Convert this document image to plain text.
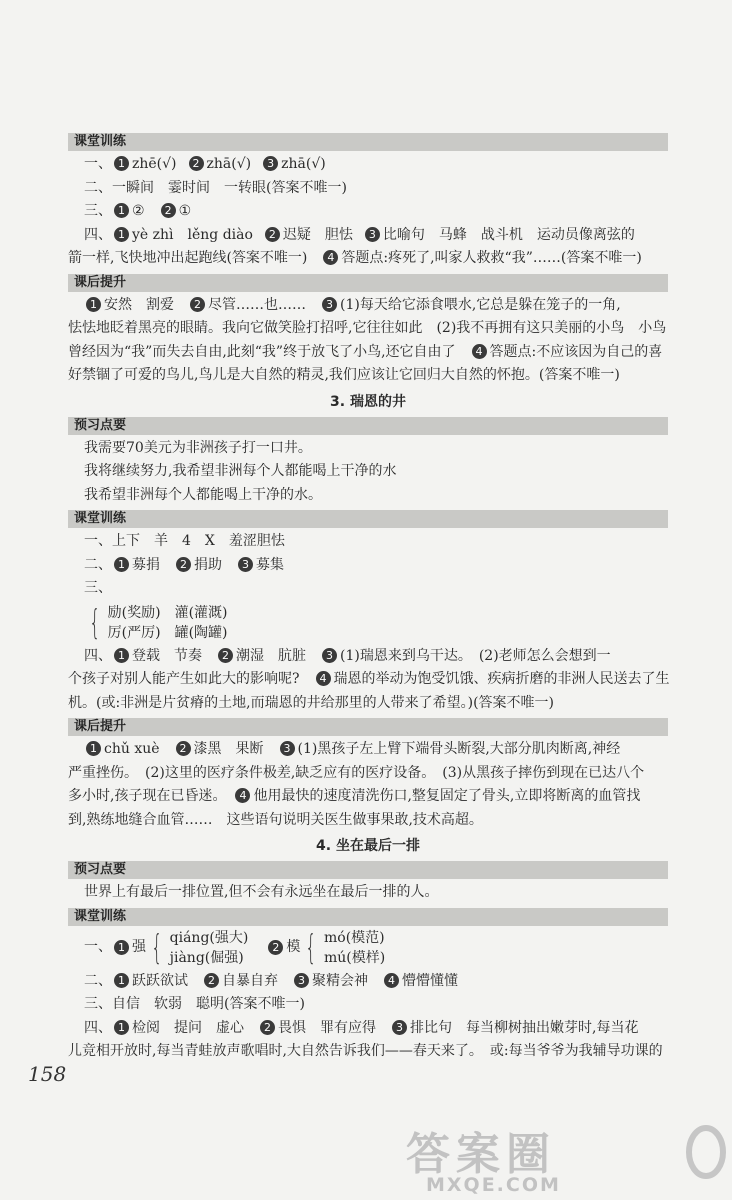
课堂训练
一、 1 zhē(√) 2 zhā(√) 3 zhā(√)
二、一瞬间　霎时间　一转眼(答案不唯一)
三、 1 ②　2 ①
四、 1 yè zhì　lěng diào 2 迟疑　胆怯 3 比喻句　马蜂　战斗机　运动员像离弦的
箭一样,飞快地冲出起跑线(答案不唯一)　4 答题点:疼死了,叫家人救救“我”……(答案不唯一)
课后提升
1 安然　割爱　2 尽管……也……　3 (1)每天给它添食喂水,它总是躲在笼子的一角,
怯怯地眨着黑亮的眼睛。我向它做笑脸打招呼,它往往如此　(2)我不再拥有这只美丽的小鸟　小鸟
曾经因为“我”而失去自由,此刻“我”终于放飞了小鸟,还它自由了　4 答题点:不应该因为自己的喜
好禁锢了可爱的鸟儿,鸟儿是大自然的精灵,我们应该让它回归大自然的怀抱。(答案不唯一)
3. 瑞恩的井
预习点要
我需要70美元为非洲孩子打一口井。
我将继续努力,我希望非洲每个人都能喝上干净的水
我希望非洲每个人都能喝上干净的水。
课堂训练
一、上下　羊　4　X　羞涩胆怯
二、 1 募捐　2 捐助　3 募集
三、
{ 励(奖励)
厉(严厉)
灌(灌溉)
罐(陶罐)
四、 1 登载　节奏　2 潮湿　肮脏　3 (1)瑞恩来到乌干达。　(2)老师怎么会想到一
个孩子对别人能产生如此大的影响呢?　4 瑞恩的举动为饱受饥饿、疾病折磨的非洲人民送去了生
机。(或:非洲是片贫瘠的土地,而瑞恩的井给那里的人带来了希望。)(答案不唯一)
课后提升
1 chǔ xuè　2 漆黑　果断　3 (1)黑孩子左上臂下端骨头断裂,大部分肌肉断离,神经
严重挫伤。　(2)这里的医疗条件极差,缺乏应有的医疗设备。　(3)从黑孩子摔伤到现在已达八个
多小时,孩子现在已昏迷。　4 他用最快的速度清洗伤口,整复固定了骨头,立即将断离的血管找
到,熟练地缝合血管……　这些语句说明关医生做事果敢,技术高超。
4. 坐在最后一排
预习点要
世界上有最后一排位置,但不会有永远坐在最后一排的人。
课堂训练
一、 1 强 { qiáng(强大)
jiàng(倔强)
2 模 { mó(模范)
mú(模样)
二、 1 跃跃欲试　2 自暴自弃　3 聚精会神　4 懵懵懂懂
三、自信　软弱　聪明(答案不唯一)
四、 1 检阅　提问　虚心　2 畏惧　罪有应得　3 排比句　每当柳树抽出嫩芽时,每当花
儿竞相开放时,每当青蛙放声歌唱时,大自然告诉我们——春天来了。　或:每当爷爷为我辅导功课的
158
答案圈
MXQE.COM
